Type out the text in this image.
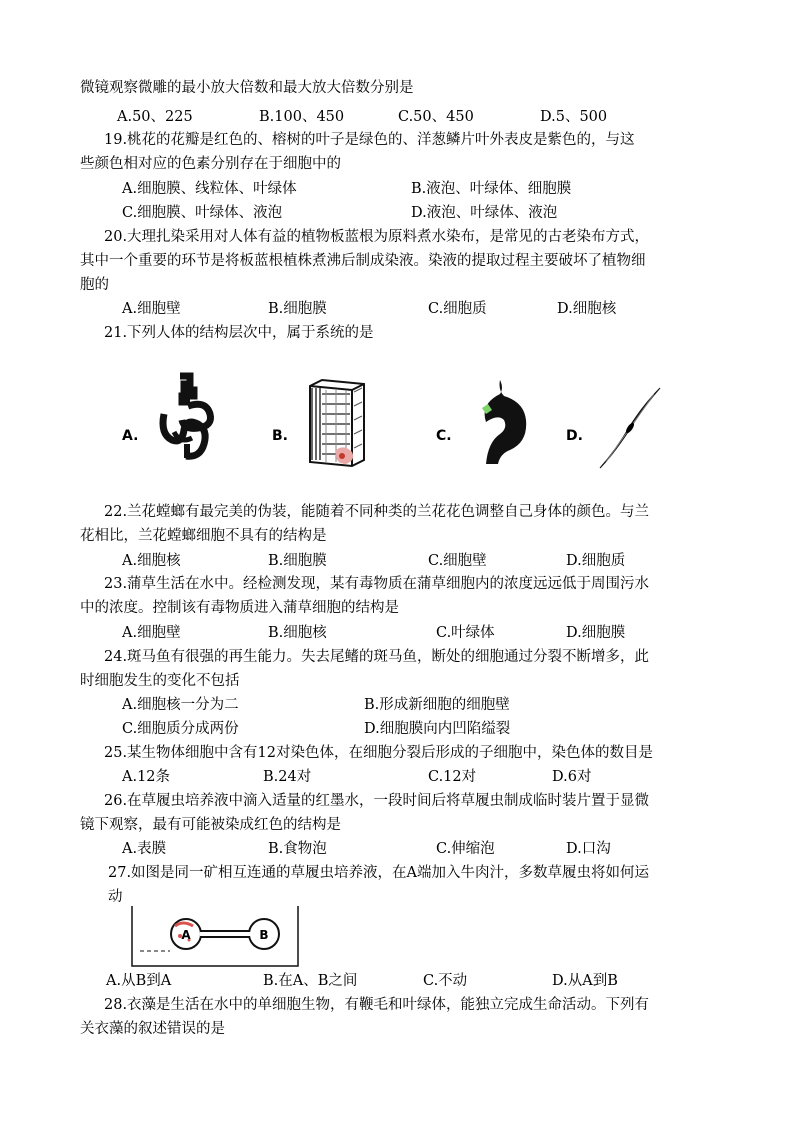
微镜观察微雕的最小放大倍数和最大放大倍数分别是
A.50、225	B.100、450	C.50、450	D.5、500
19.桃花的花瓣是红色的、榕树的叶子是绿色的、洋葱鳞片叶外表皮是紫色的，与这
些颜色相对应的色素分别存在于细胞中的
A.细胞膜、线粒体、叶绿体	B.液泡、叶绿体、细胞膜
C.细胞膜、叶绿体、液泡	D.液泡、叶绿体、液泡
20.大理扎染采用对人体有益的植物板蓝根为原料煮水染布，是常见的古老染布方式，
其中一个重要的环节是将板蓝根植株煮沸后制成染液。染液的提取过程主要破坏了植物细
胞的
A.细胞壁	B.细胞膜	C.细胞质	D.细胞核
21.下列人体的结构层次中，属于系统的是
A.	B.	C.	D.
22.兰花螳螂有最完美的伪装，能随着不同种类的兰花花色调整自己身体的颜色。与兰
花相比，兰花螳螂细胞不具有的结构是
A.细胞核	B.细胞膜	C.细胞壁	D.细胞质
23.蒲草生活在水中。经检测发现，某有毒物质在蒲草细胞内的浓度远远低于周围污水
中的浓度。控制该有毒物质进入蒲草细胞的结构是
A.细胞壁	B.细胞核	C.叶绿体	D.细胞膜
24.斑马鱼有很强的再生能力。失去尾鳍的斑马鱼，断处的细胞通过分裂不断增多，此
时细胞发生的变化不包括
A.细胞核一分为二	B.形成新细胞的细胞壁
C.细胞质分成两份	D.细胞膜向内凹陷缢裂
25.某生物体细胞中含有12对染色体，在细胞分裂后形成的子细胞中，染色体的数目是
A.12条	B.24对	C.12对	D.6对
26.在草履虫培养液中滴入适量的红墨水，一段时间后将草履虫制成临时装片置于显微
镜下观察，最有可能被染成红色的结构是
A.表膜	B.食物泡	C.伸缩泡	D.口沟
27.如图是同一矿相互连通的草履虫培养液，在A端加入牛肉汁，多数草履虫将如何运
动
A	B
A.从B到A	B.在A、B之间	C.不动	D.从A到B
28.衣藻是生活在水中的单细胞生物，有鞭毛和叶绿体，能独立完成生命活动。下列有
关衣藻的叙述错误的是
